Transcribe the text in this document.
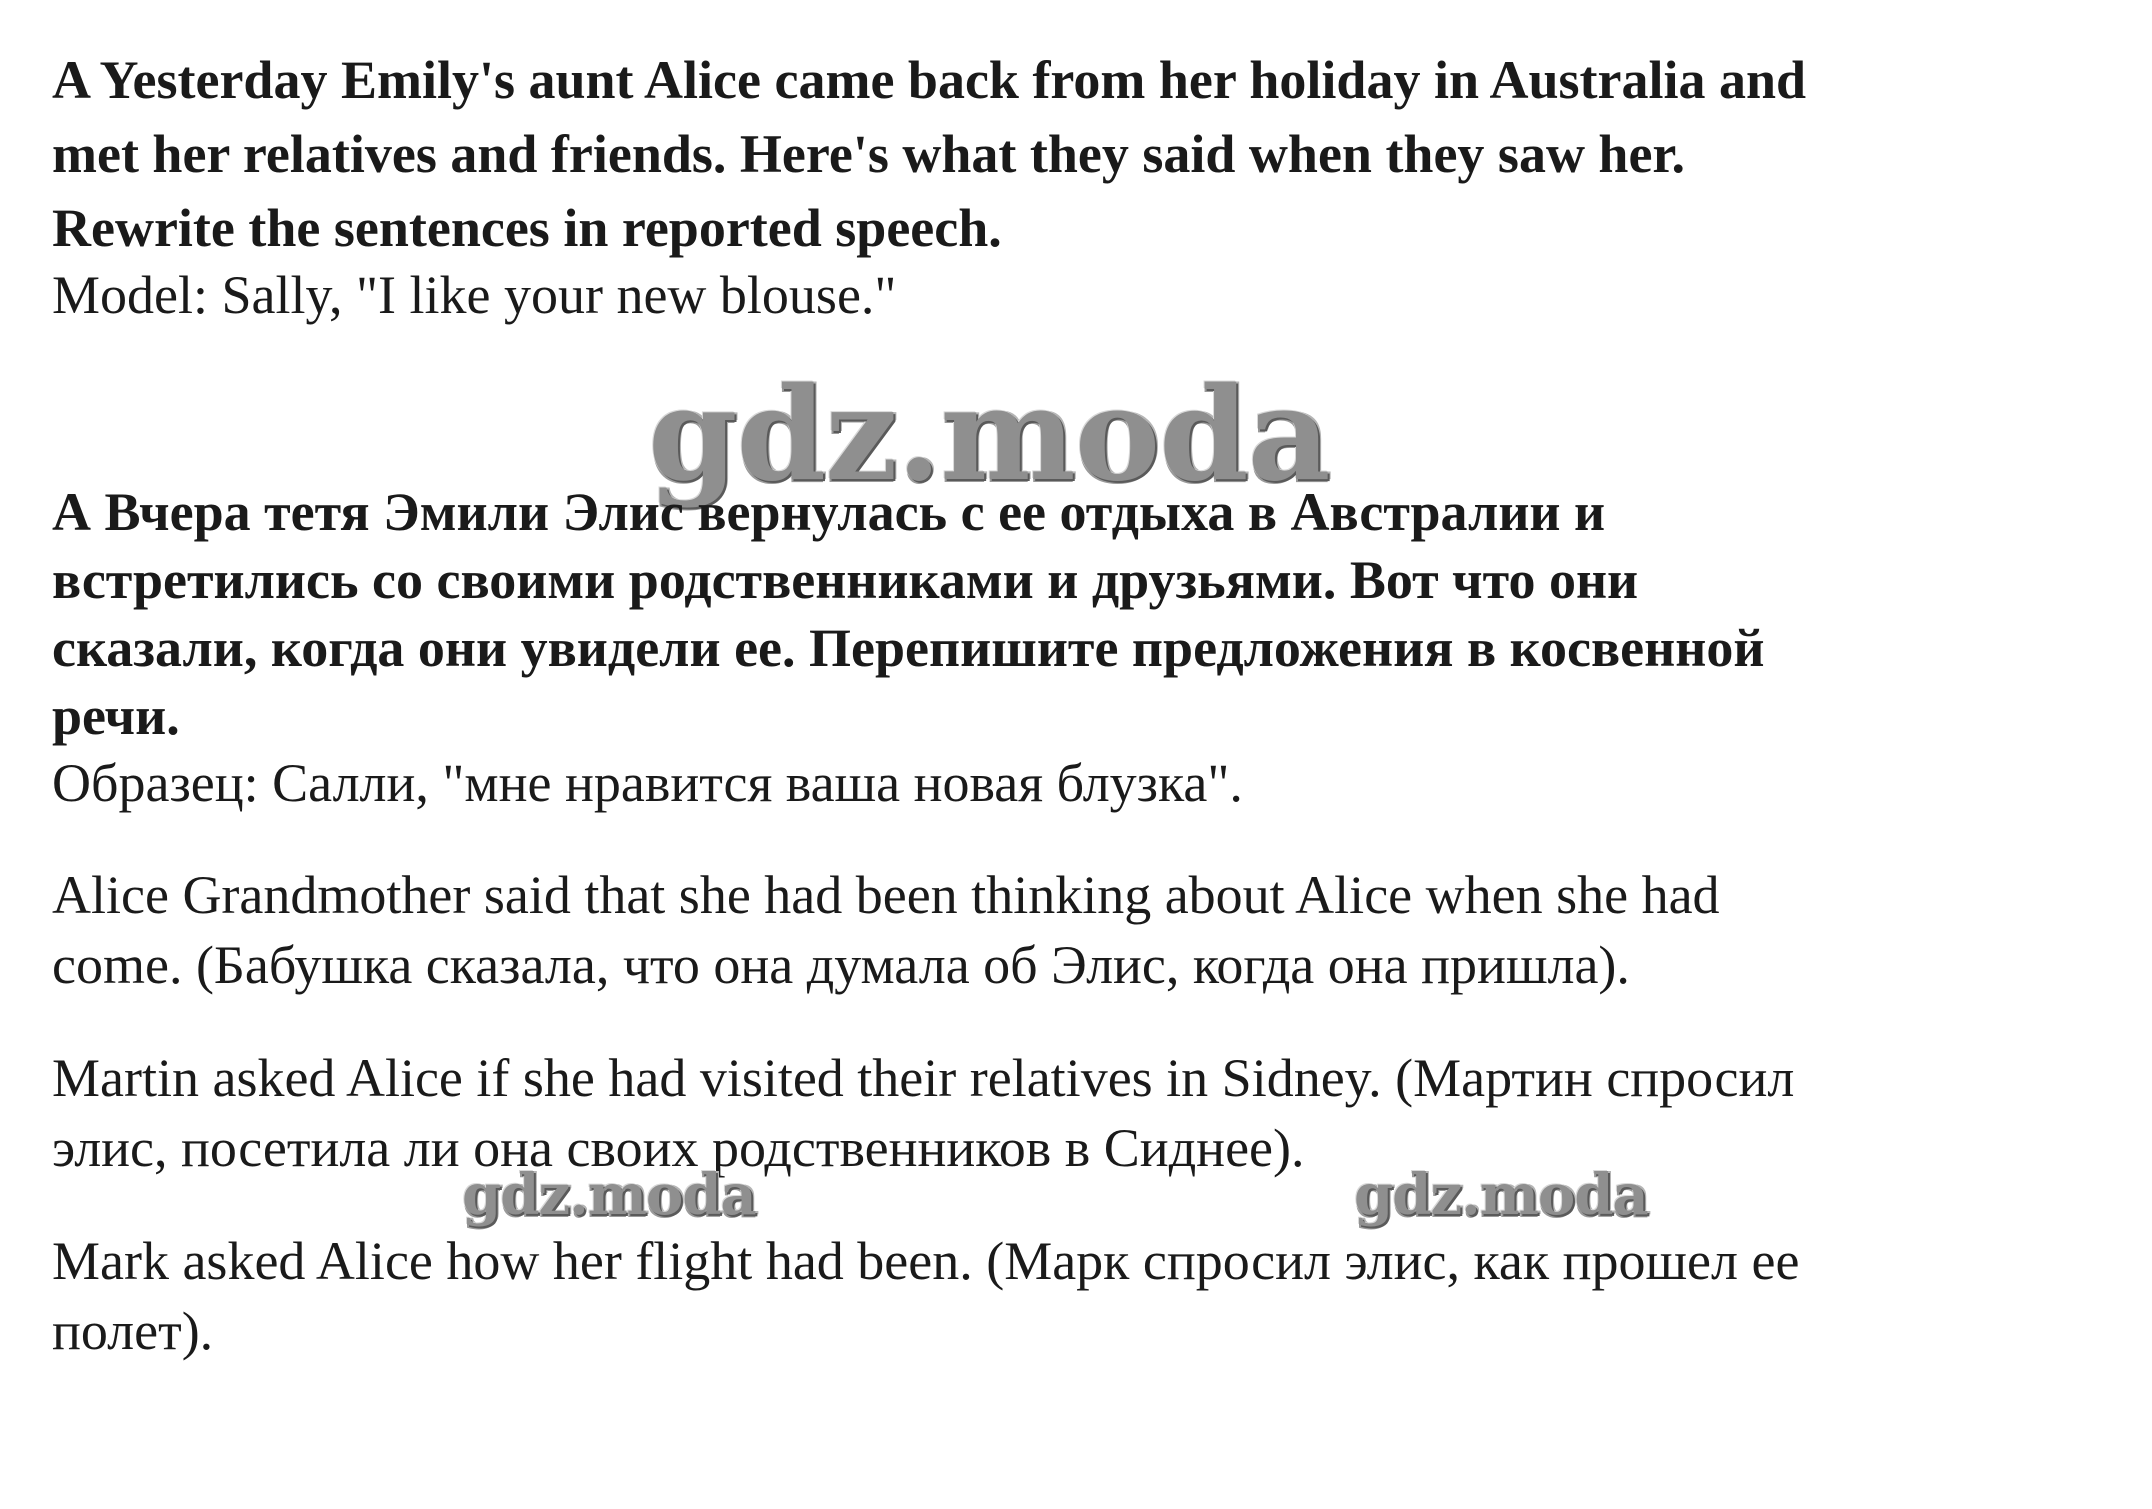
A Yesterday Emily's aunt Alice came back from her holiday in Australia and
met her relatives and friends. Here's what they said when they saw her.
Rewrite the sentences in reported speech.
Model: Sally, "I like your new blouse."
gdz.moda
А Вчера тетя Эмили Элис вернулась с ее отдыха в Австралии и
встретились со своими родственниками и друзьями. Вот что они
сказали, когда они увидели ее. Перепишите предложения в косвенной
речи.
Образец: Салли, "мне нравится ваша новая блузка".
Alice Grandmother said that she had been thinking about Alice when she had
come. (Бабушка сказала, что она думала об Элис, когда она пришла).
Martin asked Alice if she had visited their relatives in Sidney. (Мартин спросил
элис, посетила ли она своих родственников в Сиднее).
gdz.moda	gdz.moda
Mark asked Alice how her flight had been. (Марк спросил элис, как прошел ее
полет).
